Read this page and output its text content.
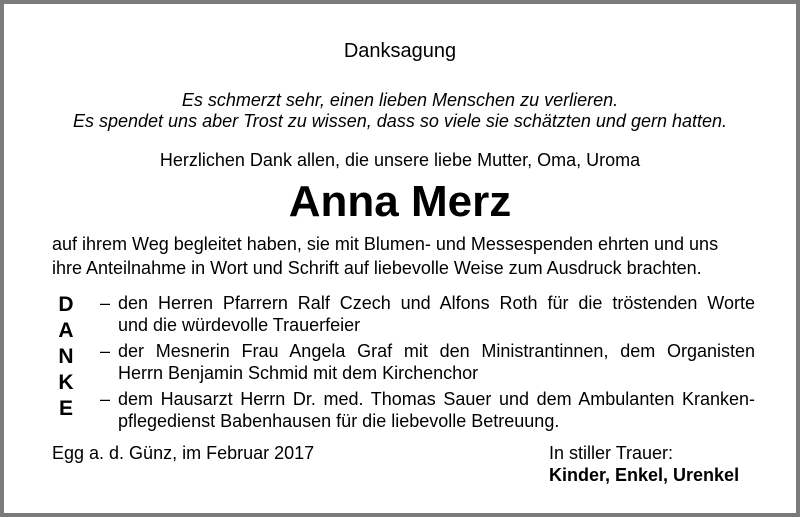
Danksagung
Es schmerzt sehr, einen lieben Menschen zu verlieren.
Es spendet uns aber Trost zu wissen, dass so viele sie schätzten und gern hatten.
Herzlichen Dank allen, die unsere liebe Mutter, Oma, Uroma
Anna Merz
auf ihrem Weg begleitet haben, sie mit Blumen- und Messespenden ehrten und uns
ihre Anteilnahme in Wort und Schrift auf liebevolle Weise zum Ausdruck brachten.
D
A
N
K
E
– den Herren Pfarrern Ralf Czech und Alfons Roth für die tröstenden Worte
und die würdevolle Trauerfeier
– der Mesnerin Frau Angela Graf mit den Ministrantinnen, dem Organisten
Herrn Benjamin Schmid mit dem Kirchenchor
– dem Hausarzt Herrn Dr. med. Thomas Sauer und dem Ambulanten Kranken-
pflegedienst Babenhausen für die liebevolle Betreuung.
Egg a. d. Günz, im Februar 2017	In stiller Trauer:
Kinder, Enkel, Urenkel
